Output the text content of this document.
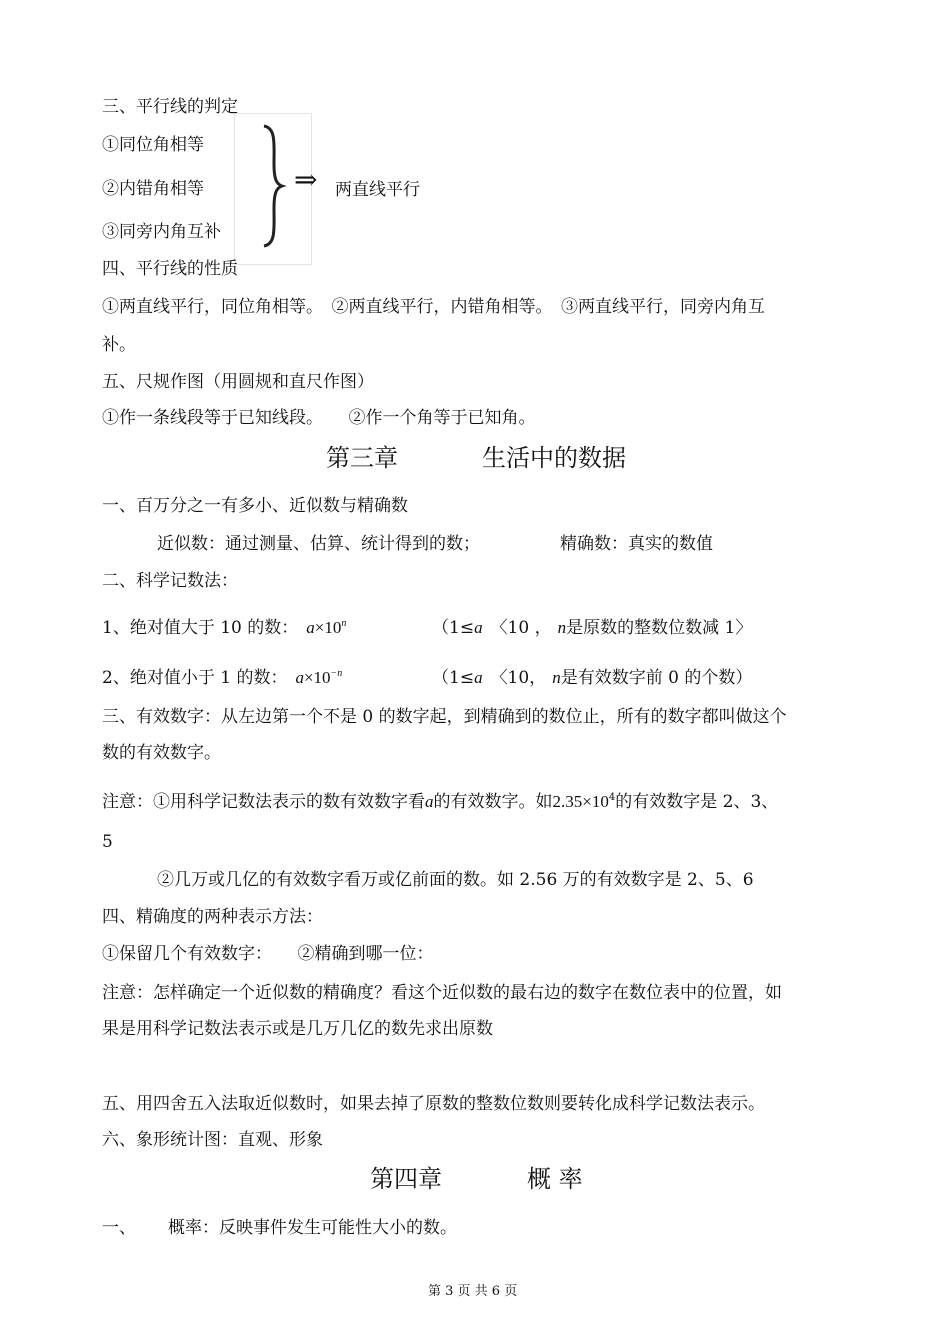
三、平行线的判定
①同位角相等
②内错角相等
③同旁内角互补
⇒ 两直线平行
四、平行线的性质
①两直线平行，同位角相等。　②两直线平行，内错角相等。　③两直线平行，同旁内角互
补。
五、尺规作图（用圆规和直尺作图）
①作一条线段等于已知线段。　　②作一个角等于已知角。
第三章	生活中的数据
一、百万分之一有多小、近似数与精确数
近似数：通过测量、估算、统计得到的数；	精确数：真实的数值
二、科学记数法：
1、绝对值大于 10 的数： $a\times 10^n$	（1≤a 〈10 ， n是原数的整数位数减 1〉
2、绝对值小于 1 的数： $a\times 10^{-n}$	（1≤a 〈10， n是有效数字前 0 的个数）
三、有效数字：从左边第一个不是 0 的数字起，到精确到的数位止，所有的数字都叫做这个
数的有效数字。
注意：①用科学记数法表示的数有效数字看a的有效数字。如$2.35\times 10^4$的有效数字是 2、3、
5
②几万或几亿的有效数字看万或亿前面的数。如 2.56 万的有效数字是 2、5、6
四、精确度的两种表示方法：
①保留几个有效数字：　　②精确到哪一位：
注意：怎样确定一个近似数的精确度？看这个近似数的最右边的数字在数位表中的位置，如
果是用科学记数法表示或是几万几亿的数先求出原数
五、用四舍五入法取近似数时，如果去掉了原数的整数位数则要转化成科学记数法表示。
六、象形统计图：直观、形象
第四章	概 率
一、 概率：反映事件发生可能性大小的数。
第 3 页 共 6 页
